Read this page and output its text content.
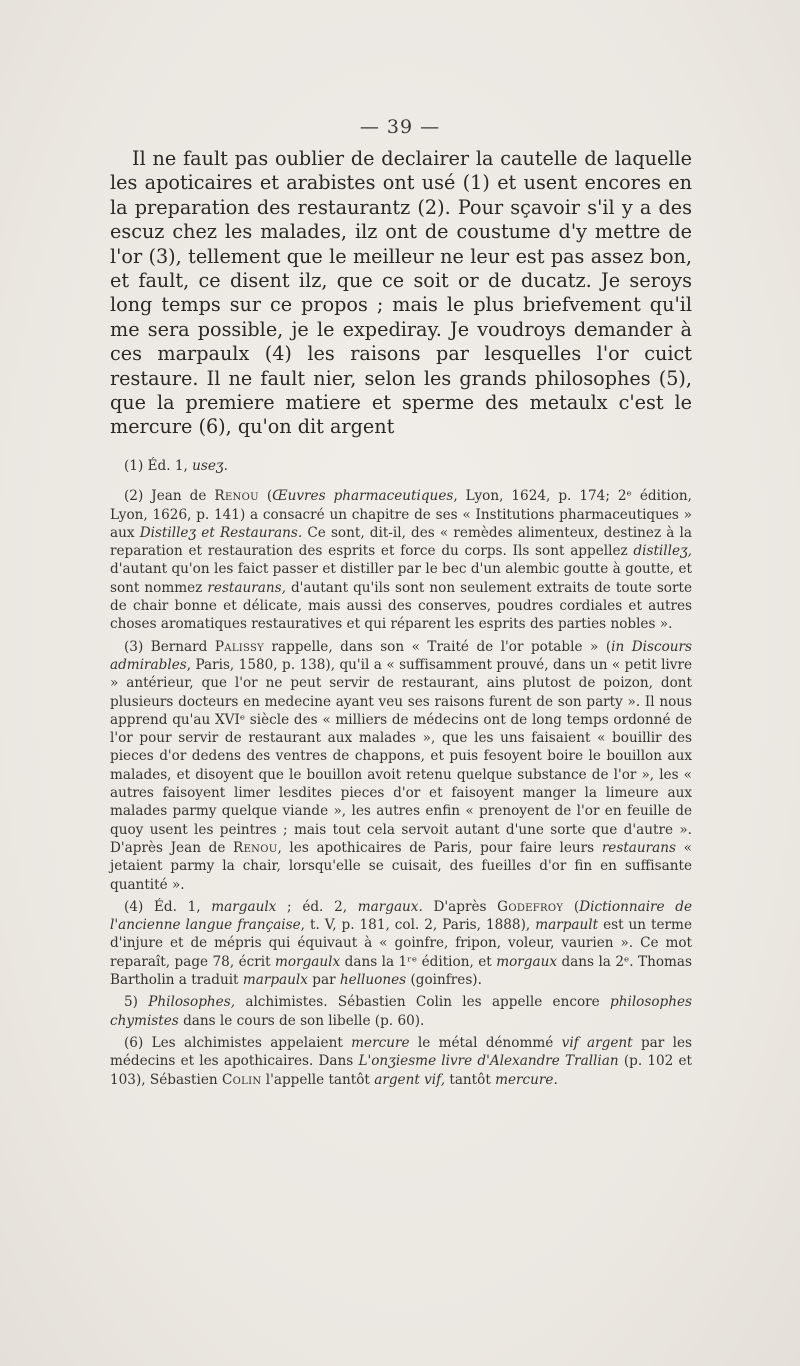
— 39 —

Il ne fault pas oublier de declairer la cautelle de laquelle les apoticaires et arabistes ont usé (1) et usent encores en la preparation des restaurantz (2). Pour sçavoir s'il y a des escuz chez les malades, ilz ont de coustume d'y mettre de l'or (3), tellement que le meilleur ne leur est pas assez bon, et fault, ce disent ilz, que ce soit or de ducatz. Je seroys long temps sur ce propos ; mais le plus briefvement qu'il me sera possible, je le expediray. Je voudroys demander à ces marpaulx (4) les raisons par lesquelles l'or cuict restaure. Il ne fault nier, selon les grands philosophes (5), que la premiere matiere et sperme des metaulx c'est le mercure (6), qu'on dit argent

(1) Éd. 1, useʒ.

(2) Jean de Renou (Œuvres pharmaceutiques, Lyon, 1624, p. 174; 2ᵉ édition, Lyon, 1626, p. 141) a consacré un chapitre de ses « Institutions pharmaceutiques » aux Distilleʒ et Restaurans. Ce sont, dit-il, des « remèdes alimenteux, destinez à la reparation et restauration des esprits et force du corps. Ils sont appellez distilleʒ, d'autant qu'on les faict passer et distiller par le bec d'un alembic goutte à goutte, et sont nommez restaurans, d'autant qu'ils sont non seulement extraits de toute sorte de chair bonne et délicate, mais aussi des conserves, poudres cordiales et autres choses aromatiques restauratives et qui réparent les esprits des parties nobles ».

(3) Bernard Palissy rappelle, dans son « Traité de l'or potable » (in Discours admirables, Paris, 1580, p. 138), qu'il a « suffisamment prouvé, dans un « petit livre » antérieur, que l'or ne peut servir de restaurant, ains plutost de poizon, dont plusieurs docteurs en medecine ayant veu ses raisons furent de son party ». Il nous apprend qu'au XVIᵉ siècle des « milliers de médecins ont de long temps ordonné de l'or pour servir de restaurant aux malades », que les uns faisaient « bouillir des pieces d'or dedens des ventres de chappons, et puis fesoyent boire le bouillon aux malades, et disoyent que le bouillon avoit retenu quelque substance de l'or », les « autres faisoyent limer lesdites pieces d'or et faisoyent manger la limeure aux malades parmy quelque viande », les autres enfin « prenoyent de l'or en feuille de quoy usent les peintres ; mais tout cela servoit autant d'une sorte que d'autre ». D'après Jean de Renou, les apothicaires de Paris, pour faire leurs restaurans « jetaient parmy la chair, lorsqu'elle se cuisait, des fueilles d'or fin en suffisante quantité ».

(4) Éd. 1, margaulx ; éd. 2, margaux. D'après Godefroy (Dictionnaire de l'ancienne langue française, t. V, p. 181, col. 2, Paris, 1888), marpault est un terme d'injure et de mépris qui équivaut à « goinfre, fripon, voleur, vaurien ». Ce mot reparaît, page 78, écrit morgaulx dans la 1ʳᵉ édition, et morgaux dans la 2ᵉ. Thomas Bartholin a traduit marpaulx par helluones (goinfres).

5) Philosophes, alchimistes. Sébastien Colin les appelle encore philosophes chymistes dans le cours de son libelle (p. 60).

(6) Les alchimistes appelaient mercure le métal dénommé vif argent par les médecins et les apothicaires. Dans L'onʒiesme livre d'Alexandre Trallian (p. 102 et 103), Sébastien Colin l'appelle tantôt argent vif, tantôt mercure.
